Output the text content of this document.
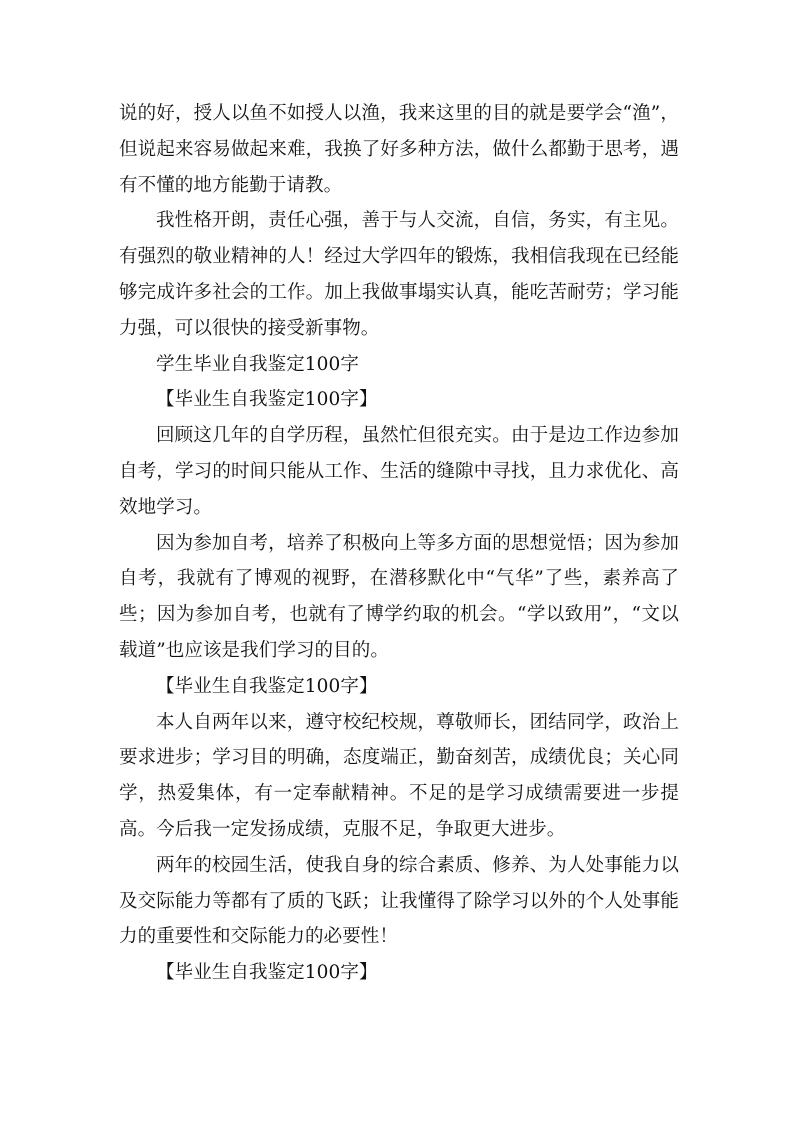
说的好，授人以鱼不如授人以渔，我来这里的目的就是要学会“渔”，但说起来容易做起来难，我换了好多种方法，做什么都勤于思考，遇有不懂的地方能勤于请教。

我性格开朗，责任心强，善于与人交流，自信，务实，有主见。有强烈的敬业精神的人！经过大学四年的锻炼，我相信我现在已经能够完成许多社会的工作。加上我做事塌实认真，能吃苦耐劳；学习能力强，可以很快的接受新事物。

学生毕业自我鉴定100字

【毕业生自我鉴定100字】

回顾这几年的自学历程，虽然忙但很充实。由于是边工作边参加自考，学习的时间只能从工作、生活的缝隙中寻找，且力求优化、高效地学习。

因为参加自考，培养了积极向上等多方面的思想觉悟；因为参加自考，我就有了博观的视野，在潜移默化中“气华”了些，素养高了些；因为参加自考，也就有了博学约取的机会。“学以致用”，“文以载道”也应该是我们学习的目的。

【毕业生自我鉴定100字】

本人自两年以来，遵守校纪校规，尊敬师长，团结同学，政治上要求进步；学习目的明确，态度端正，勤奋刻苦，成绩优良；关心同学，热爱集体，有一定奉献精神。不足的是学习成绩需要进一步提高。今后我一定发扬成绩，克服不足，争取更大进步。

两年的校园生活，使我自身的综合素质、修养、为人处事能力以及交际能力等都有了质的飞跃；让我懂得了除学习以外的个人处事能力的重要性和交际能力的必要性！

【毕业生自我鉴定100字】
